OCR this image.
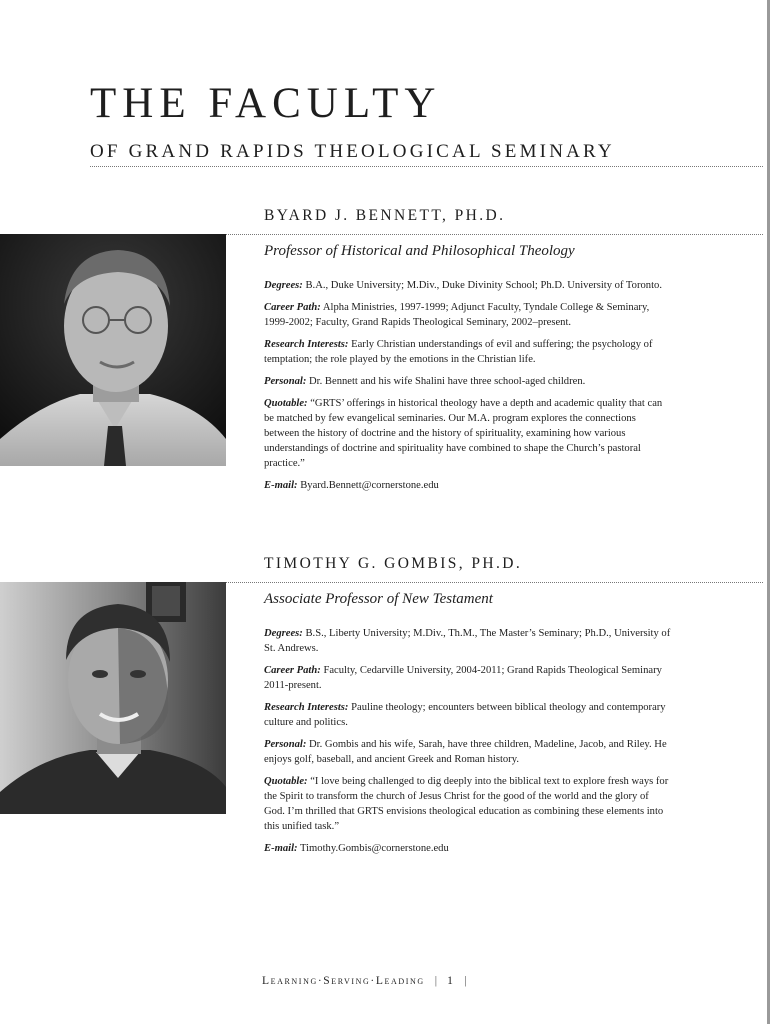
THE FACULTY
OF GRAND RAPIDS THEOLOGICAL SEMINARY
BYARD J. BENNETT, PH.D.
Professor of Historical and Philosophical Theology

Degrees: B.A., Duke University; M.Div., Duke Divinity School; Ph.D. University of Toronto.

Career Path: Alpha Ministries, 1997-1999; Adjunct Faculty, Tyndale College & Seminary, 1999-2002; Faculty, Grand Rapids Theological Seminary, 2002–present.

Research Interests: Early Christian understandings of evil and suffering; the psychology of temptation; the role played by the emotions in the Christian life.

Personal: Dr. Bennett and his wife Shalini have three school-aged children.

Quotable: “GRTS’ offerings in historical theology have a depth and academic quality that can be matched by few evangelical seminaries. Our M.A. program explores the connections between the history of doctrine and the history of spirituality, examining how various understandings of doctrine and spirituality have combined to shape the Church’s pastoral practice.”

E-mail: Byard.Bennett@cornerstone.edu

TIMOTHY G. GOMBIS, PH.D.
Associate Professor of New Testament

Degrees: B.S., Liberty University; M.Div., Th.M., The Master’s Seminary; Ph.D., University of St. Andrews.

Career Path: Faculty, Cedarville University, 2004-2011; Grand Rapids Theological Seminary 2011-present.

Research Interests: Pauline theology; encounters between biblical theology and contemporary culture and politics.

Personal: Dr. Gombis and his wife, Sarah, have three children, Madeline, Jacob, and Riley. He enjoys golf, baseball, and ancient Greek and Roman history.

Quotable: “I love being challenged to dig deeply into the biblical text to explore fresh ways for the Spirit to transform the church of Jesus Christ for the good of the world and the glory of God. I’m thrilled that GRTS envisions theological education as combining these elements into this unified task.”

E-mail: Timothy.Gombis@cornerstone.edu

Learning·Serving·Leading | 1 |
